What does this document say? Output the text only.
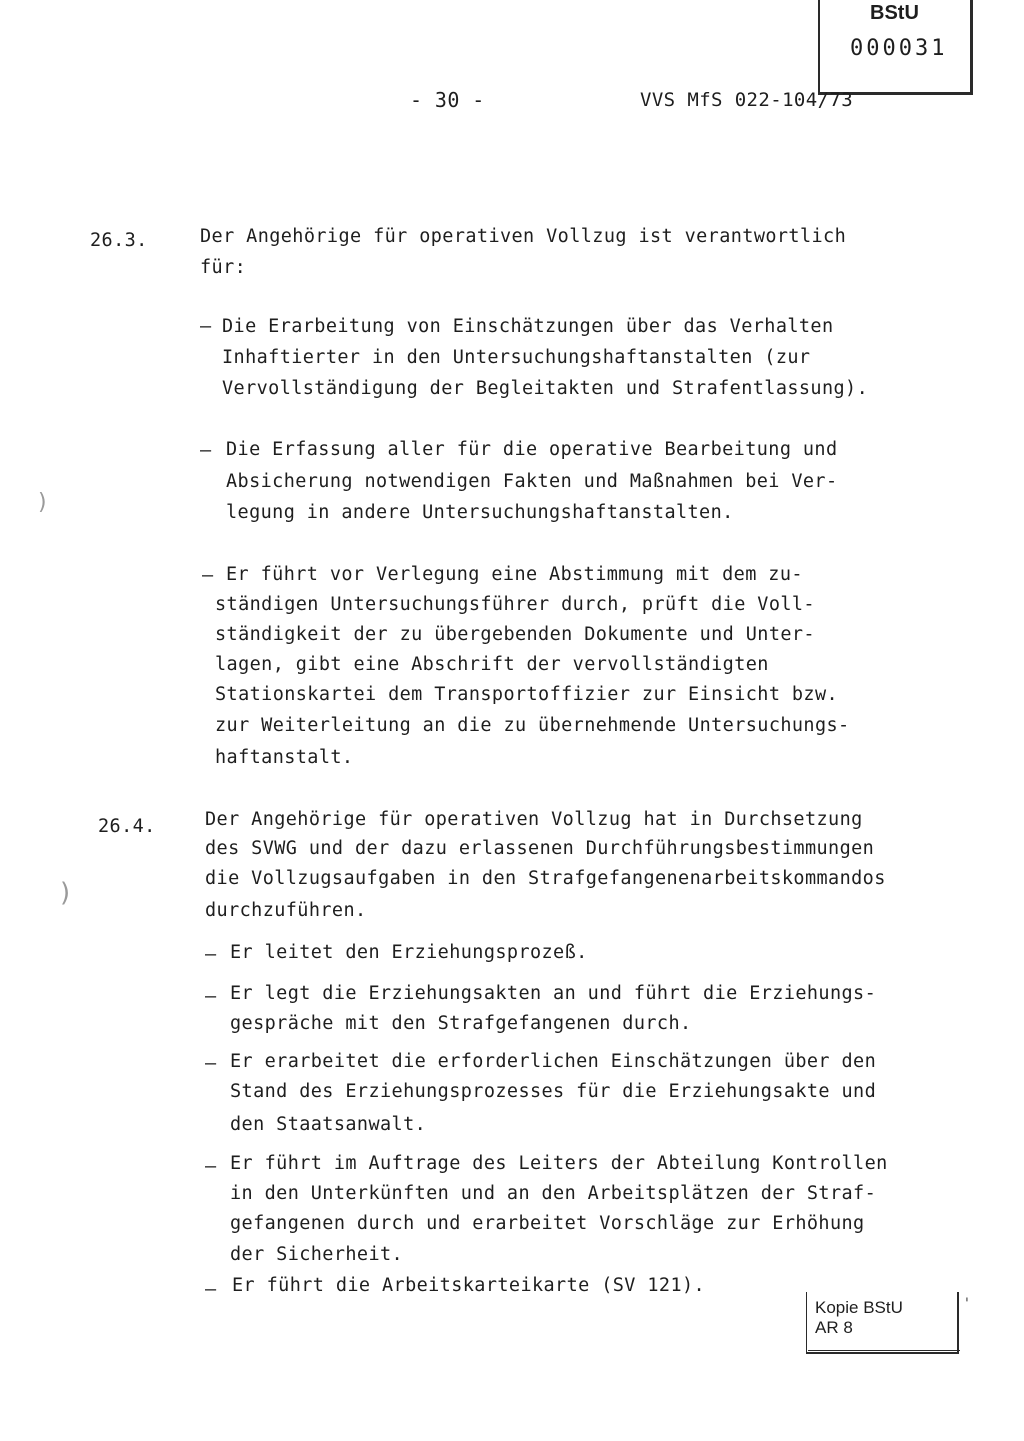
BStU
000031
- 30 -	VVS MfS 022-104/73
26.3.	Der Angehörige für operativen Vollzug ist verantwortlich
für:
– Die Erarbeitung von Einschätzungen über das Verhalten
Inhaftierter in den Untersuchungshaftanstalten (zur
Vervollständigung der Begleitakten und Strafentlassung).
– Die Erfassung aller für die operative Bearbeitung und
Absicherung notwendigen Fakten und Maßnahmen bei Ver-
legung in andere Untersuchungshaftanstalten.
– Er führt vor Verlegung eine Abstimmung mit dem zu-
ständigen Untersuchungsführer durch, prüft die Voll-
ständigkeit der zu übergebenden Dokumente und Unter-
lagen, gibt eine Abschrift der vervollständigten
Stationskartei dem Transportoffizier zur Einsicht bzw.
zur Weiterleitung an die zu übernehmende Untersuchungs-
haftanstalt.
26.4.	Der Angehörige für operativen Vollzug hat in Durchsetzung
des SVWG und der dazu erlassenen Durchführungsbestimmungen
die Vollzugsaufgaben in den Strafgefangenenarbeitskommandos
durchzuführen.
– Er leitet den Erziehungsprozeß.
– Er legt die Erziehungsakten an und führt die Erziehungs-
gespräche mit den Strafgefangenen durch.
– Er erarbeitet die erforderlichen Einschätzungen über den
Stand des Erziehungsprozesses für die Erziehungsakte und
den Staatsanwalt.
– Er führt im Auftrage des Leiters der Abteilung Kontrollen
in den Unterkünften und an den Arbeitsplätzen der Straf-
gefangenen durch und erarbeitet Vorschläge zur Erhöhung
der Sicherheit.
– Er führt die Arbeitskarteikarte (SV 121).
Kopie BStU
AR 8
)
)
'
